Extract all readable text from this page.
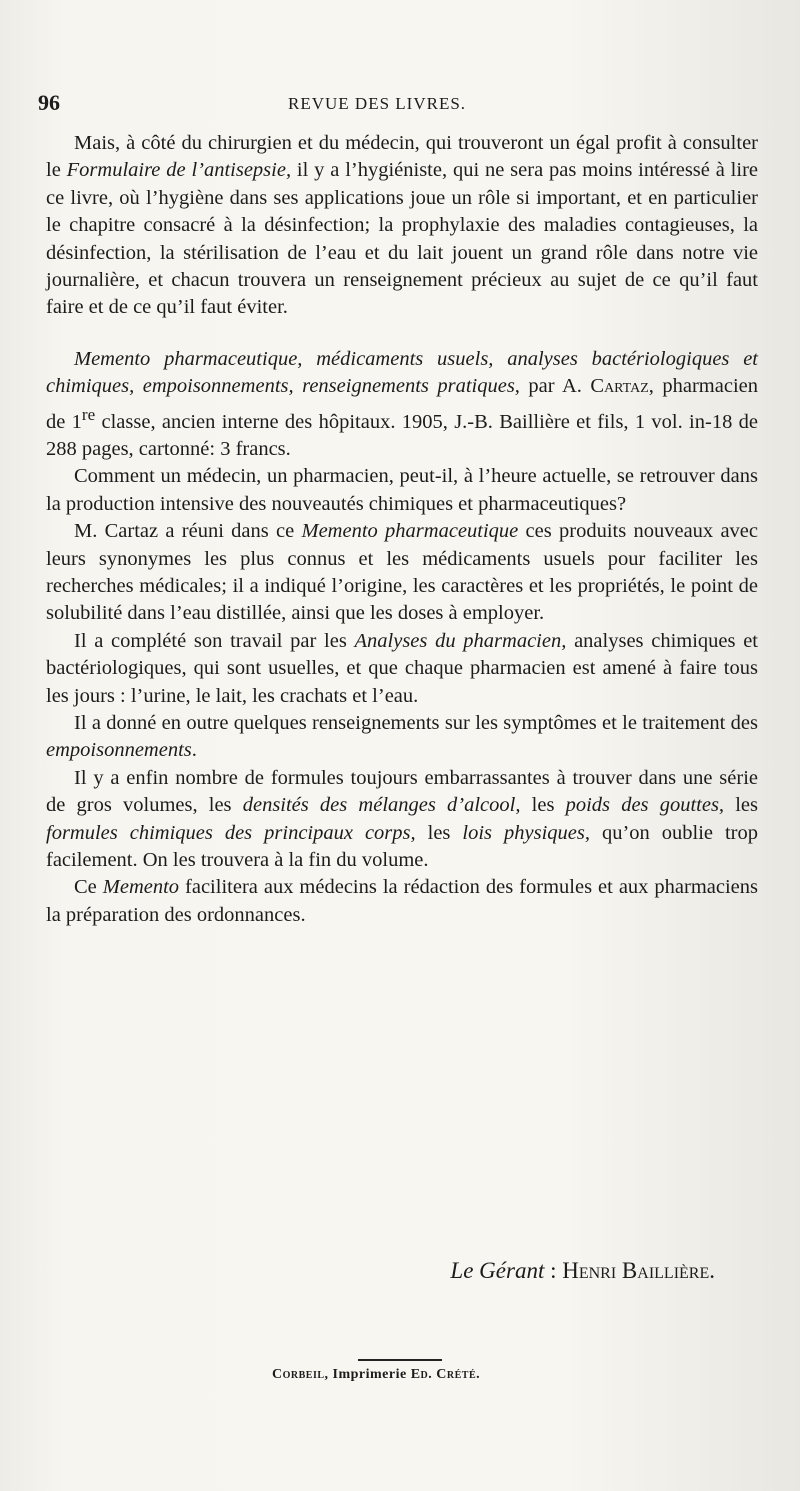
96	REVUE DES LIVRES.

Mais, à côté du chirurgien et du médecin, qui trouveront un égal profit à consulter le Formulaire de l’antisepsie, il y a l’hygiéniste, qui ne sera pas moins intéressé à lire ce livre, où l’hygiène dans ses applications joue un rôle si important, et en particulier le chapitre consacré à la désinfection; la prophylaxie des maladies contagieuses, la désinfection, la stérilisation de l’eau et du lait jouent un grand rôle dans notre vie journalière, et chacun trouvera un renseignement précieux au sujet de ce qu’il faut faire et de ce qu’il faut éviter.

Memento pharmaceutique, médicaments usuels, analyses bactériologiques et chimiques, empoisonnements, renseignements pratiques, par A. Cartaz, pharmacien de 1re classe, ancien interne des hôpitaux. 1905, J.-B. Baillière et fils, 1 vol. in-18 de 288 pages, cartonné: 3 francs.

Comment un médecin, un pharmacien, peut-il, à l’heure actuelle, se retrouver dans la production intensive des nouveautés chimiques et pharmaceutiques?

M. Cartaz a réuni dans ce Memento pharmaceutique ces produits nouveaux avec leurs synonymes les plus connus et les médicaments usuels pour faciliter les recherches médicales; il a indiqué l’origine, les caractères et les propriétés, le point de solubilité dans l’eau distillée, ainsi que les doses à employer.

Il a complété son travail par les Analyses du pharmacien, analyses chimiques et bactériologiques, qui sont usuelles, et que chaque pharmacien est amené à faire tous les jours : l’urine, le lait, les crachats et l’eau.

Il a donné en outre quelques renseignements sur les symptômes et le traitement des empoisonnements.

Il y a enfin nombre de formules toujours embarrassantes à trouver dans une série de gros volumes, les densités des mélanges d’alcool, les poids des gouttes, les formules chimiques des principaux corps, les lois physiques, qu’on oublie trop facilement. On les trouvera à la fin du volume.

Ce Memento facilitera aux médecins la rédaction des formules et aux pharmaciens la préparation des ordonnances.

Le Gérant : Henri Baillière.
Corbeil, Imprimerie Ed. Crété.
